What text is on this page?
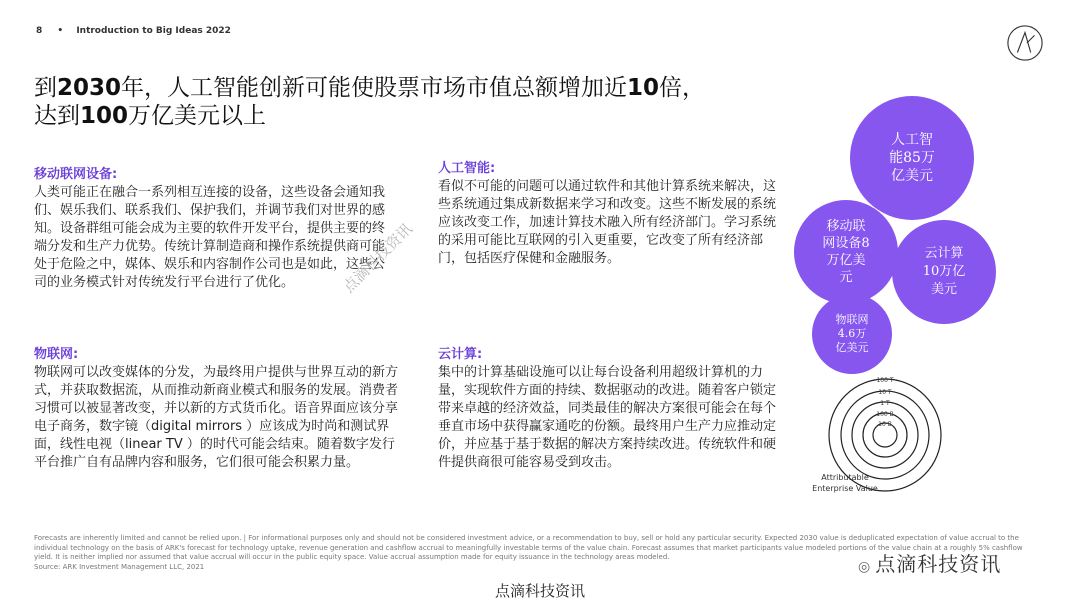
8 • Introduction to Big Ideas 2022
到2030年，人工智能创新可能使股票市场市值总额增加近10倍，
达到100万亿美元以上
移动联网设备:
人类可能正在融合一系列相互连接的设备，这些设备会通知我们、娱乐我们、联系我们、保护我们，并调节我们对世界的感知。设备群组可能会成为主要的软件开发平台，提供主要的终端分发和生产力优势。传统计算制造商和操作系统提供商可能处于危险之中，媒体、娱乐和内容制作公司也是如此，这些公司的业务模式针对传统发行平台进行了优化。
人工智能:
看似不可能的问题可以通过软件和其他计算系统来解决，这些系统通过集成新数据来学习和改变。这些不断发展的系统应该改变工作，加速计算技术融入所有经济部门。学习系统的采用可能比互联网的引入更重要，它改变了所有经济部门，包括医疗保健和金融服务。
物联网:
物联网可以改变媒体的分发，为最终用户提供与世界互动的新方式，并获取数据流，从而推动新商业模式和服务的发展。消费者习惯可以被显著改变，并以新的方式货币化。语音界面应该分享电子商务，数字镜（digital mirrors ）应该成为时尚和测试界面，线性电视（linear TV ）的时代可能会结束。随着数字发行平台推广自有品牌内容和服务，它们很可能会积累力量。
云计算:
集中的计算基础设施可以让每台设备利用超级计算机的力量，实现软件方面的持续、数据驱动的改进。随着客户锁定带来卓越的经济效益，同类最佳的解决方案很可能会在每个垂直市场中获得赢家通吃的份额。最终用户生产力应推动定价，并应基于基于数据的解决方案持续改进。传统软件和硬件提供商很可能容易受到攻击。
人工智
能85万
亿美元
移动联
网设备8
万亿美
元
云计算
10万亿
美元
物联网
4.6万
亿美元
100 T
10 T
1 T
100 B
10 B
Attributable
Enterprise Value
点滴科技资讯
Forecasts are inherently limited and cannot be relied upon. | For informational purposes only and should not be considered investment advice, or a recommendation to buy, sell or hold any particular security. Expected 2030 value is deduplicated expectation of value accrual to the individual technology on the basis of ARK's forecast for technology uptake, revenue generation and cashflow accrual to meaningfully investable terms of the value chain. Forecast assumes that market participants value modeled portions of the value chain at a roughly 5% cashflow yield. It is neither implied nor assumed that value accrual will occur in the public equity space. Value accrual assumption made for equity issuance in the technology areas modeled.
Source: ARK Investment Management LLC, 2021	◎ 点滴科技资讯
点滴科技资讯
